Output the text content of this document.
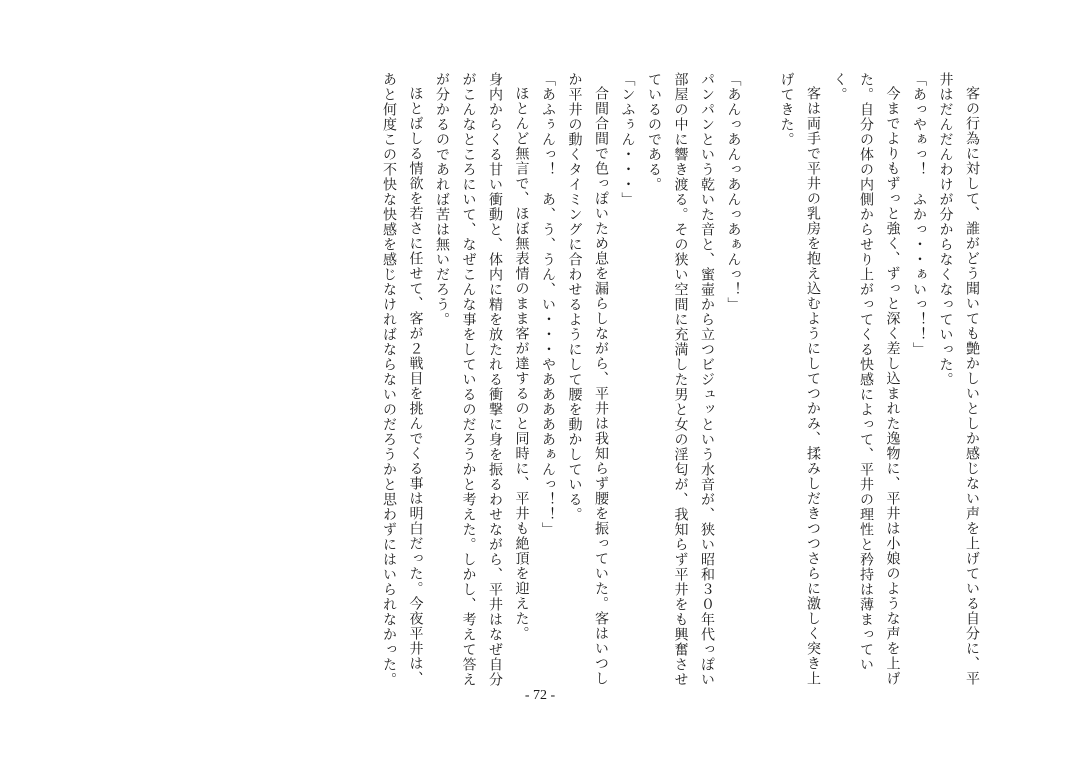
客の行為に対して、誰がどう聞いても艶かしいとしか感じない声を上げている自分に、平井はだんだんわけが分からなくなっていった。

「あっやぁっ！　ふかっ・・ぁいっ！！」

今までよりもずっと強く、ずっと深く差し込まれた逸物に、平井は小娘のような声を上げた。自分の体の内側からせり上がってくる快感によって、平井の理性と矜持は薄まっていく。

客は両手で平井の乳房を抱え込むようにしてつかみ、揉みしだきつつさらに激しく突き上げてきた。

「あんっあんっあんっあぁんっ！」

パンパンという乾いた音と、蜜壷から立つビジュッという水音が、狭い昭和３０年代っぽい部屋の中に響き渡る。その狭い空間に充満した男と女の淫匂が、我知らず平井をも興奮させているのである。

「ンふぅん・・・」

合間合間で色っぽいため息を漏らしながら、平井は我知らず腰を振っていた。客はいつしか平井の動くタイミングに合わせるようにして腰を動かしている。

「あふぅんっ！　あ、う、うん、い・・・やあああああぁんっ！！」

ほとんど無言で、ほぼ無表情のまま客が達するのと同時に、平井も絶頂を迎えた。

身内からくる甘い衝動と、体内に精を放たれる衝撃に身を振るわせながら、平井はなぜ自分がこんなところにいて、なぜこんな事をしているのだろうかと考えた。しかし、考えて答えが分かるのであれば苦は無いだろう。

ほとばしる情欲を若さに任せて、客が２戦目を挑んでくる事は明白だった。今夜平井は、あと何度この不快な快感を感じなければならないのだろうかと思わずにはいられなかった。

- 72 -
